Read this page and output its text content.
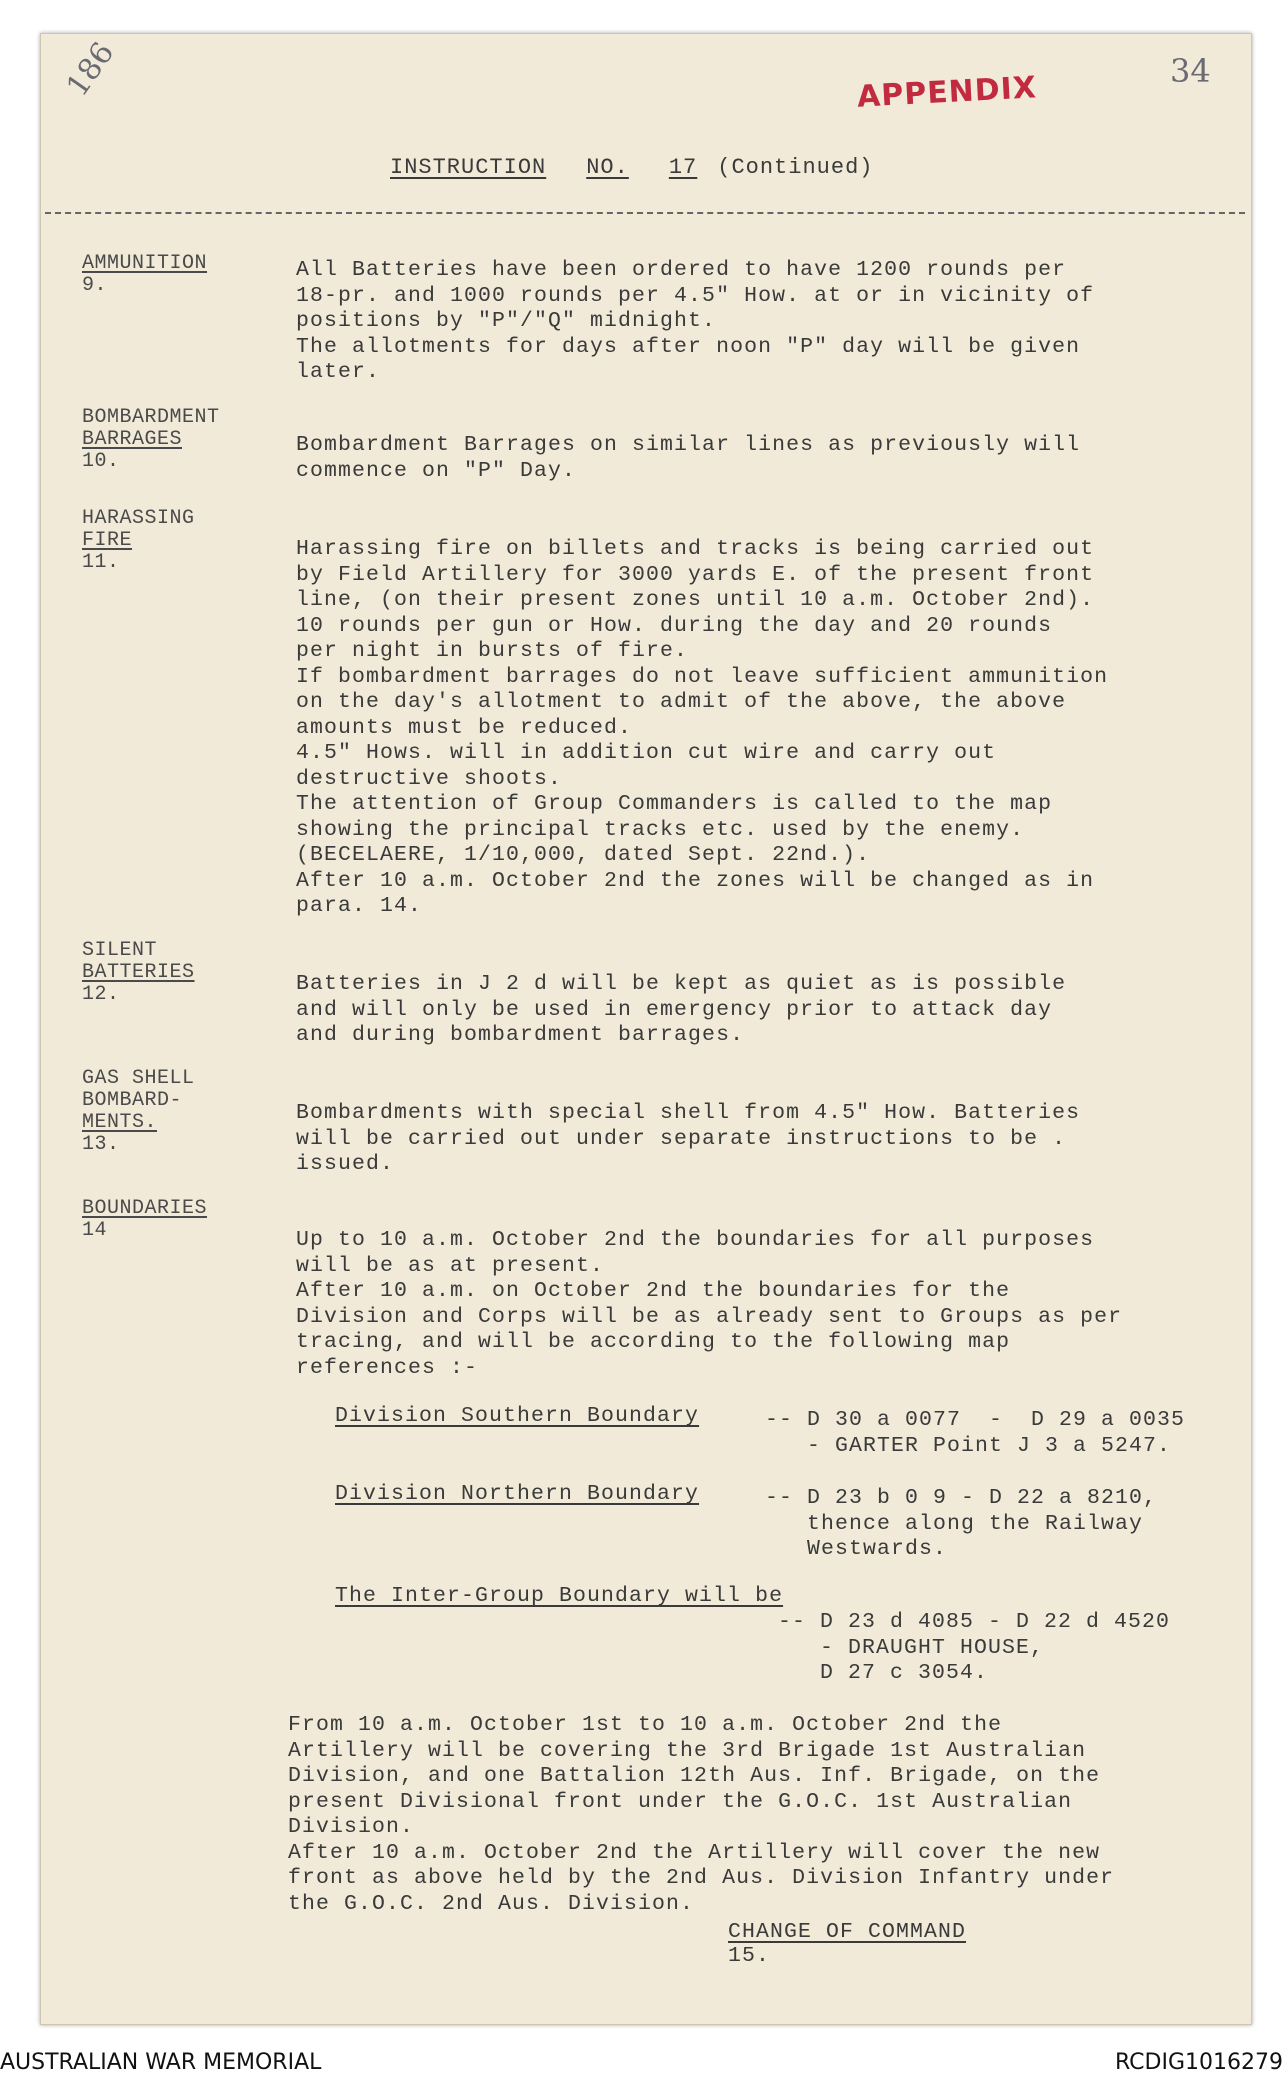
186	APPENDIX	34
INSTRUCTION NO. 17 (Continued)
AMMUNITION
9.
All Batteries have been ordered to have 1200 rounds per
18-pr. and 1000 rounds per 4.5" How. at or in vicinity of
positions by "P"/"Q" midnight.
The allotments for days after noon "P" day will be given
later.
BOMBARDMENT
BARRAGES
10.
Bombardment Barrages on similar lines as previously will
commence on "P" Day.
HARASSING
FIRE
11.
Harassing fire on billets and tracks is being carried out
by Field Artillery for 3000 yards E. of the present front
line, (on their present zones until 10 a.m. October 2nd).
10 rounds per gun or How. during the day and 20 rounds
per night in bursts of fire.
If bombardment barrages do not leave sufficient ammunition
on the day's allotment to admit of the above, the above
amounts must be reduced.
4.5" Hows. will in addition cut wire and carry out
destructive shoots.
The attention of Group Commanders is called to the map
showing the principal tracks etc. used by the enemy.
(BECELAERE, 1/10,000, dated Sept. 22nd.).
After 10 a.m. October 2nd the zones will be changed as in
para. 14.
SILENT
BATTERIES
12.	Batteries in J 2 d will be kept as quiet as is possible
and will only be used in emergency prior to attack day
and during bombardment barrages.
GAS SHELL
BOMBARD-
MENTS.
13.
Bombardments with special shell from 4.5" How. Batteries
will be carried out under separate instructions to be .
issued.
BOUNDARIES
14	Up to 10 a.m. October 2nd the boundaries for all purposes
will be as at present.
After 10 a.m. on October 2nd the boundaries for the
Division and Corps will be as already sent to Groups as per
tracing, and will be according to the following map
references :-
Division Southern Boundary	-- D 30 a 0077  -  D 29 a 0035
- GARTER Point J 3 a 5247.
Division Northern Boundary	-- D 23 b 0 9 - D 22 a 8210,
thence along the Railway
Westwards.
The Inter-Group Boundary will be
-- D 23 d 4085 - D 22 d 4520
- DRAUGHT HOUSE,
D 27 c 3054.
From 10 a.m. October 1st to 10 a.m. October 2nd the
Artillery will be covering the 3rd Brigade 1st Australian
Division, and one Battalion 12th Aus. Inf. Brigade, on the
present Divisional front under the G.O.C. 1st Australian
Division.
After 10 a.m. October 2nd the Artillery will cover the new
front as above held by the 2nd Aus. Division Infantry under
the G.O.C. 2nd Aus. Division.
CHANGE OF COMMAND
15.
AUSTRALIAN WAR MEMORIAL	RCDIG1016279
